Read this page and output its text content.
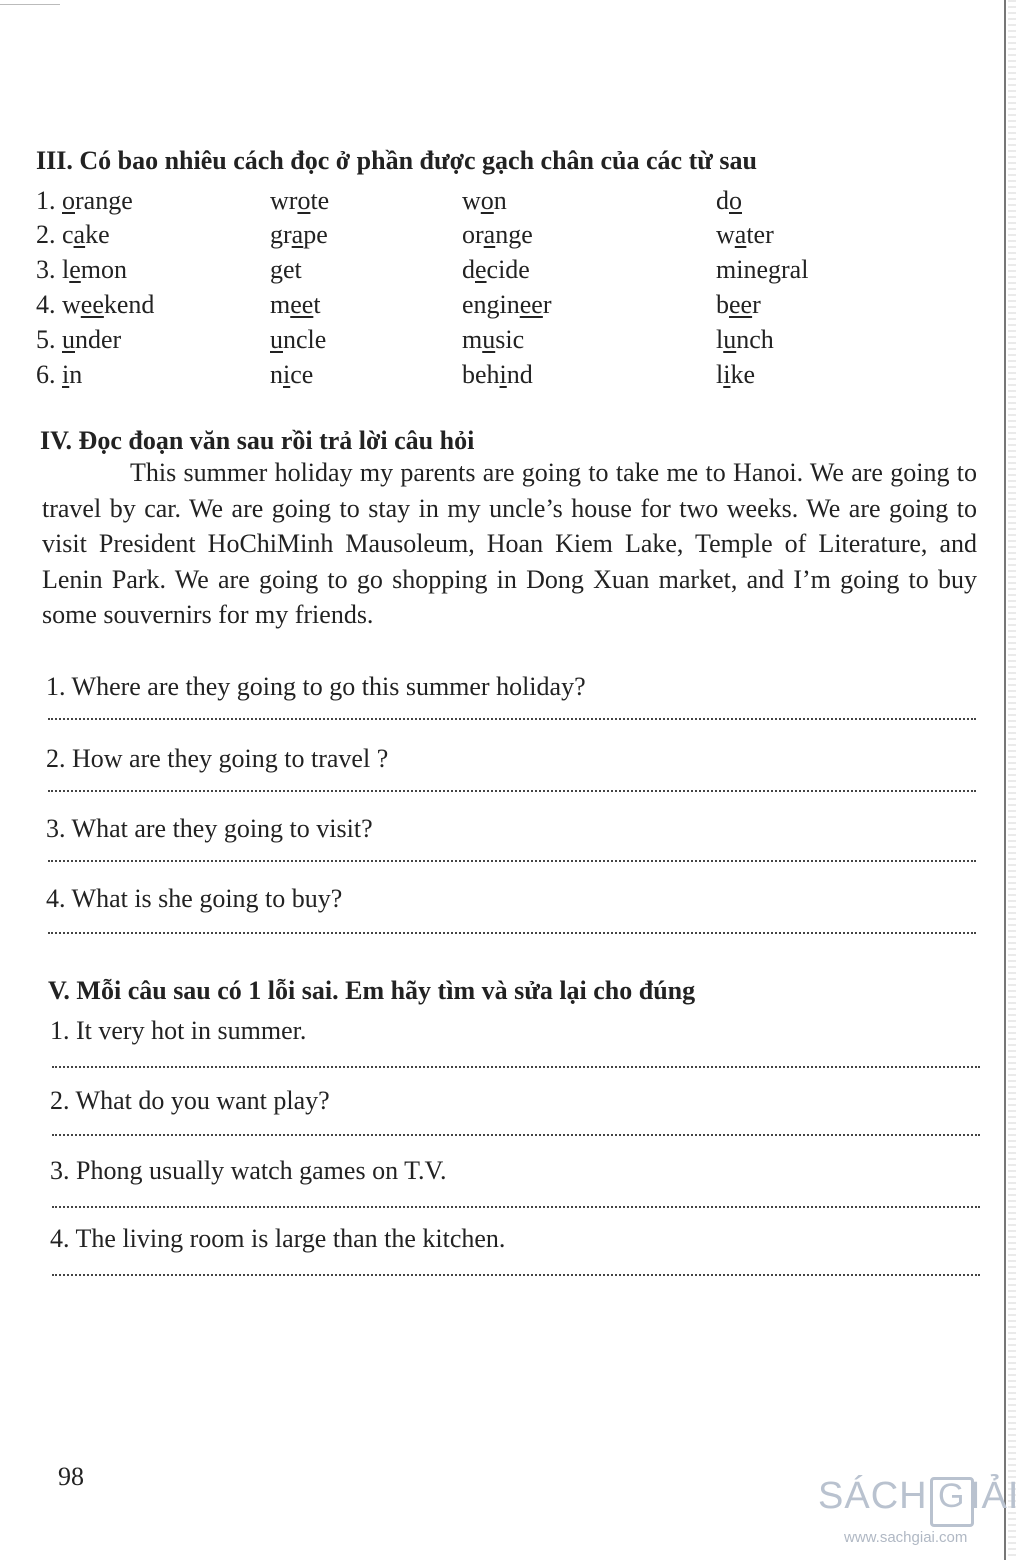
III. Có bao nhiêu cách đọc ở phần được gạch chân của các từ sau
1. orange	wrote	won	do
2. cake	grape	orange	water
3. lemon	get	decide	minegral
4. weekend	meet	engineer	beer
5. under	uncle	music	lunch
6. in	nice	behind	like
IV. Đọc đoạn văn sau rồi trả lời câu hỏi

This summer holiday my parents are going to take me to Hanoi. We are going to travel by car. We are going to stay in my uncle’s house for two weeks. We are going to visit President HoChiMinh Mausoleum, Hoan Kiem Lake, Temple of Literature, and Lenin Park. We are going to go shopping in Dong Xuan market, and I’m going to buy some souvernirs for my friends.

1. Where are they going to go this summer holiday?
2. How are they going to travel ?
3. What are they going to visit?
4. What is she going to buy?
V. Mỗi câu sau có 1 lỗi sai. Em hãy tìm và sửa lại cho đúng
1. It very hot in summer.
2. What do you want play?
3. Phong usually watch games on T.V.
4. The living room is large than the kitchen.
98	SÁCH G IẢI
www.sachgiai.com
